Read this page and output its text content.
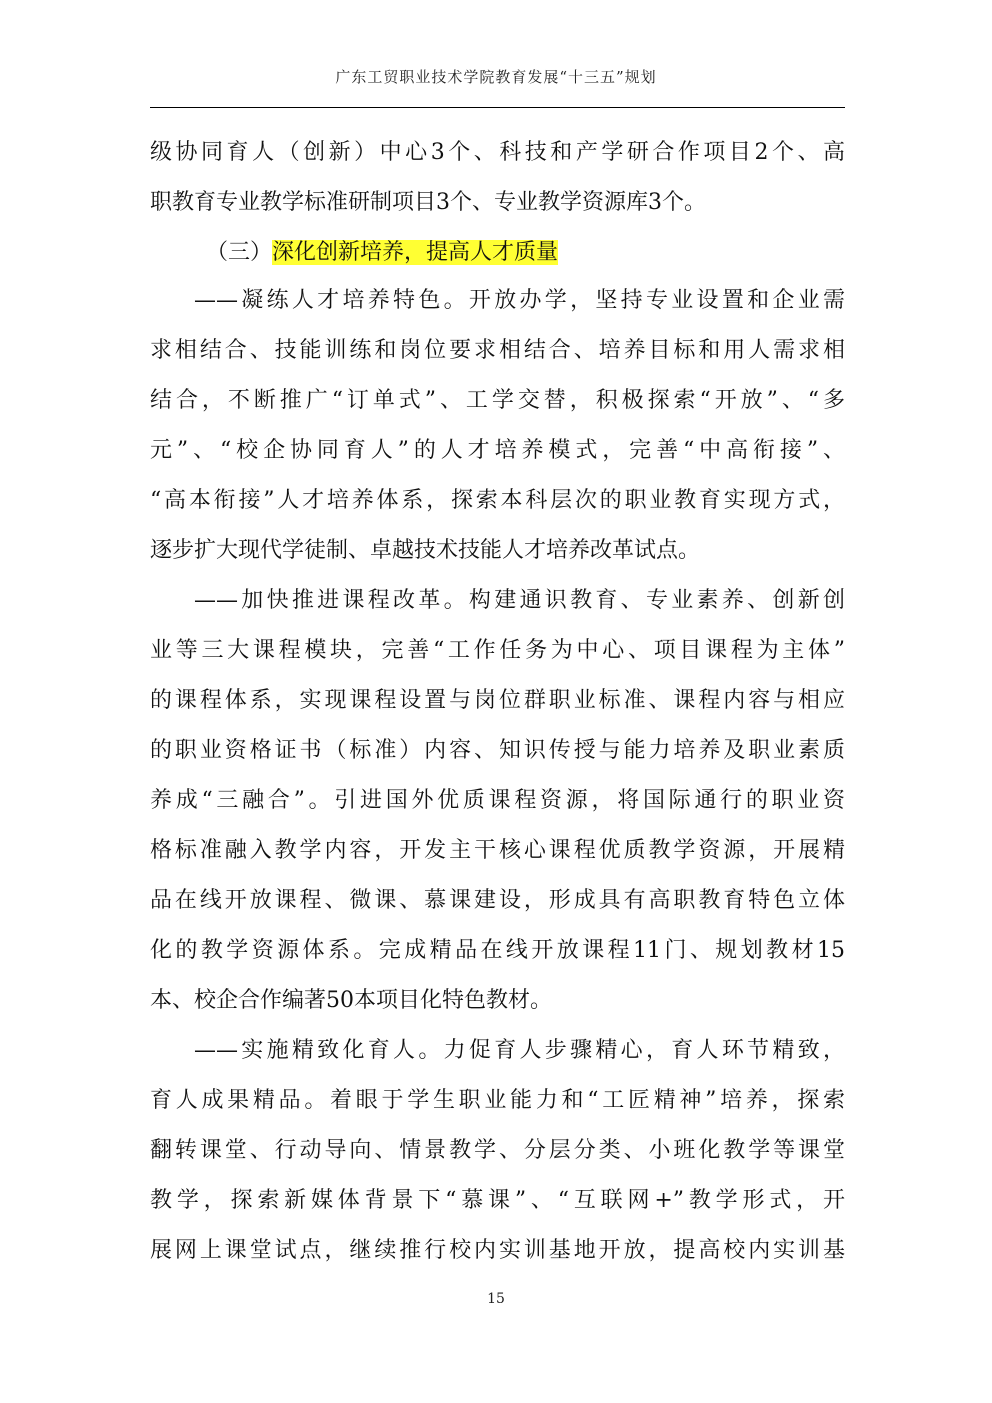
广东工贸职业技术学院教育发展“十三五”规划
级协同育人（创新）中心3个、科技和产学研合作项目2个、高
职教育专业教学标准研制项目3个、专业教学资源库3个。
（三）深化创新培养，提高人才质量
——凝练人才培养特色。开放办学，坚持专业设置和企业需
求相结合、技能训练和岗位要求相结合、培养目标和用人需求相
结合，不断推广“订单式”、工学交替，积极探索“开放”、“多
元”、“校企协同育人”的人才培养模式，完善“中高衔接”、
“高本衔接”人才培养体系，探索本科层次的职业教育实现方式，
逐步扩大现代学徒制、卓越技术技能人才培养改革试点。
——加快推进课程改革。构建通识教育、专业素养、创新创
业等三大课程模块，完善“工作任务为中心、项目课程为主体”
的课程体系，实现课程设置与岗位群职业标准、课程内容与相应
的职业资格证书（标准）内容、知识传授与能力培养及职业素质
养成“三融合”。引进国外优质课程资源，将国际通行的职业资
格标准融入教学内容，开发主干核心课程优质教学资源，开展精
品在线开放课程、微课、慕课建设，形成具有高职教育特色立体
化的教学资源体系。完成精品在线开放课程11门、规划教材15
本、校企合作编著50本项目化特色教材。
——实施精致化育人。力促育人步骤精心，育人环节精致，
育人成果精品。着眼于学生职业能力和“工匠精神”培养，探索
翻转课堂、行动导向、情景教学、分层分类、小班化教学等课堂
教学，探索新媒体背景下“慕课”、“互联网+”教学形式，开
展网上课堂试点，继续推行校内实训基地开放，提高校内实训基
15
